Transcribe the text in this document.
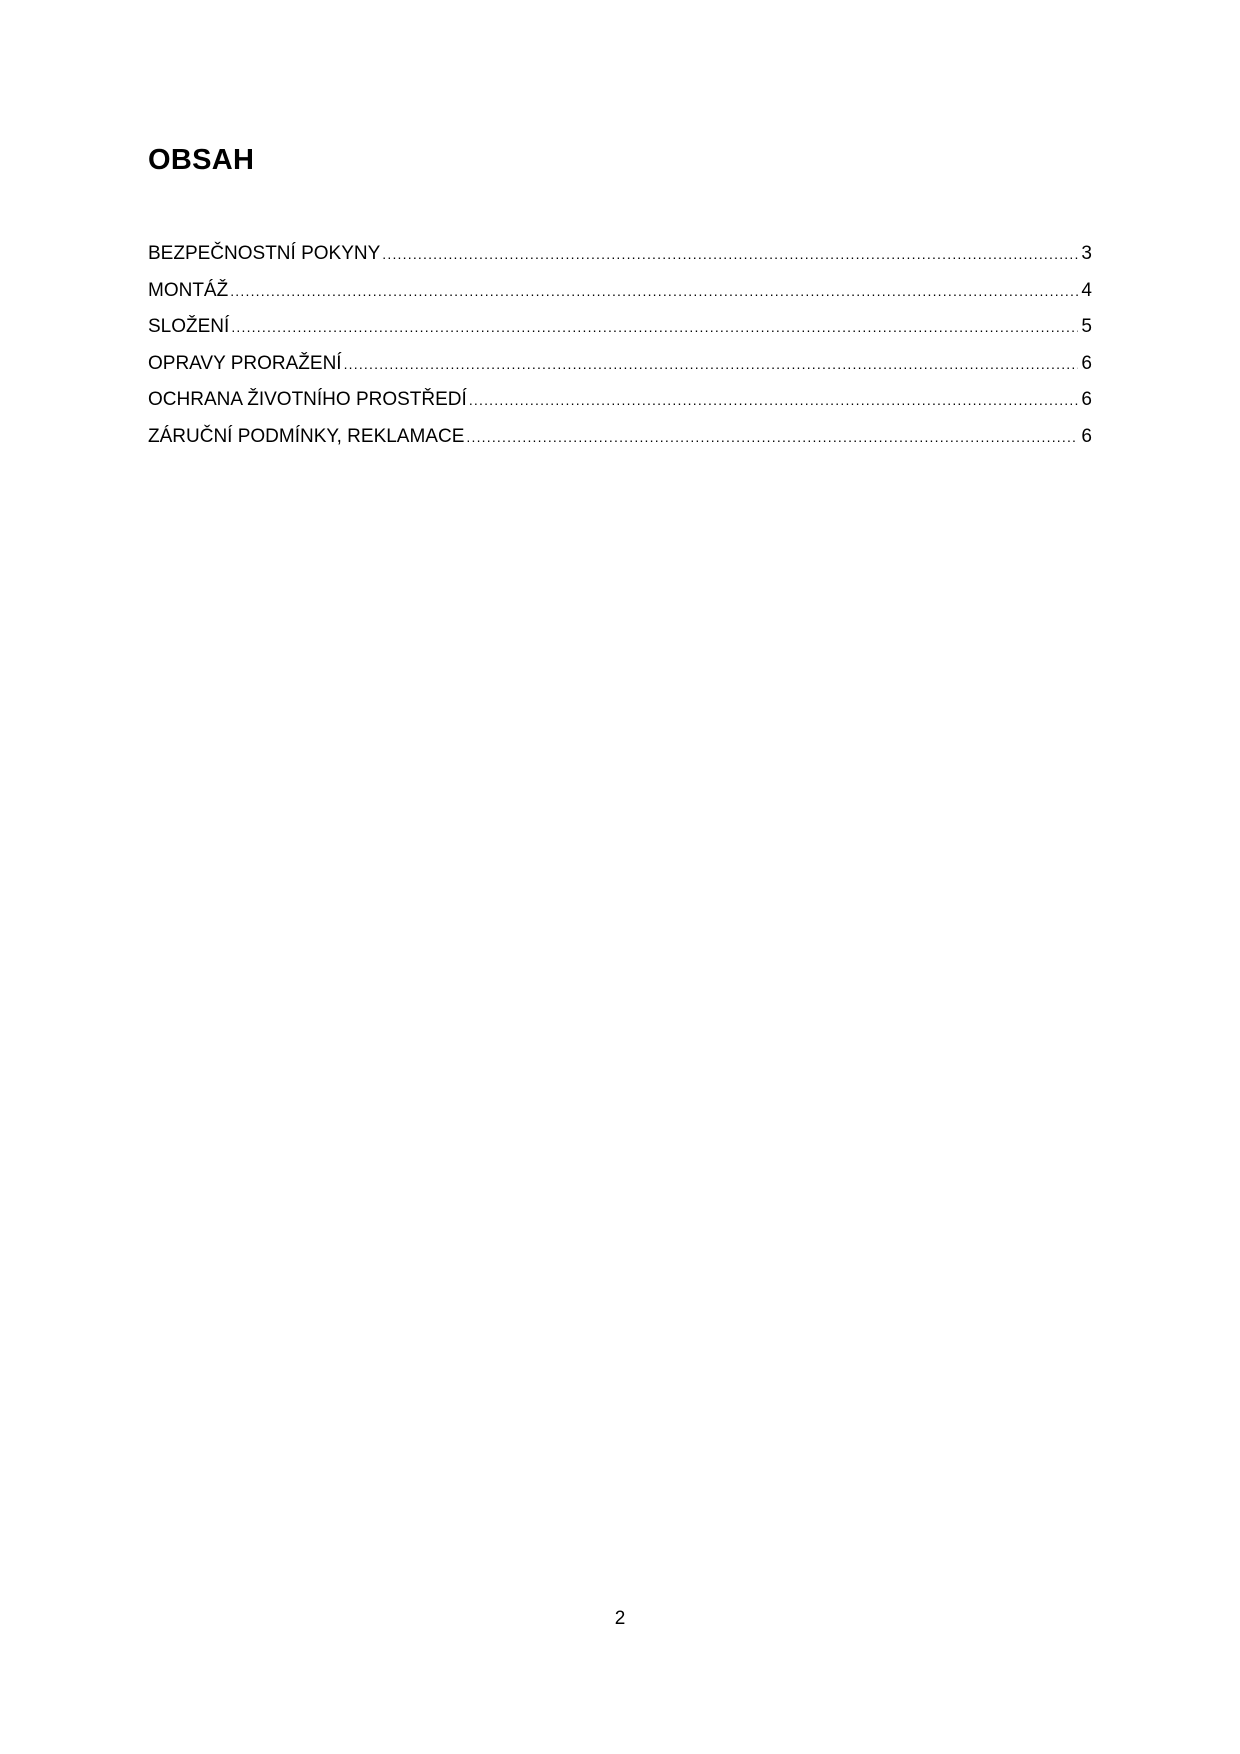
OBSAH
BEZPEČNOSTNÍ POKYNY .....	3
MONTÁŽ .....	4
SLOŽENÍ .....	5
OPRAVY PRORAŽENÍ .....	6
OCHRANA ŽIVOTNÍHO PROSTŘEDÍ .....	6
ZÁRUČNÍ PODMÍNKY, REKLAMACE .....	6
2
